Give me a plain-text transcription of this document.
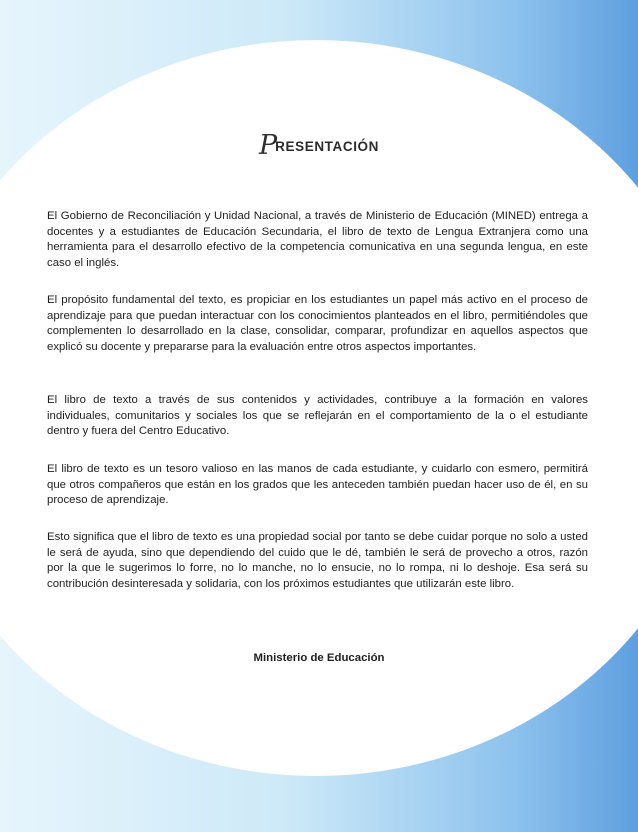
PRESENTACIÓN

El Gobierno de Reconciliación y Unidad Nacional, a través de Ministerio de Educación (MINED) entrega a docentes y a estudiantes de Educación Secundaria, el libro de texto de Lengua Extranjera como una herramienta para el desarrollo efectivo de la competencia comunicativa en una segunda lengua, en este caso el inglés.

El propósito fundamental del texto, es propiciar en los estudiantes un papel más activo en el proceso de aprendizaje para que puedan interactuar con los conocimientos planteados en el libro, permitiéndoles que complementen lo desarrollado en la clase, consolidar, comparar, profundizar en aquellos aspectos que explicó su docente y prepararse para la evaluación entre otros aspectos importantes.

El libro de texto a través de sus contenidos y actividades, contribuye a la formación en valores individuales, comunitarios y sociales los que se reflejarán en el comportamiento de la o el estudiante dentro y fuera del Centro Educativo.

El libro de texto es un tesoro valioso en las manos de cada estudiante, y cuidarlo con esmero, permitirá que otros compañeros que están en los grados que les anteceden también puedan hacer uso de él, en su proceso de aprendizaje.

Esto significa que el libro de texto es una propiedad social por tanto se debe cuidar porque no solo a usted le será de ayuda, sino que dependiendo del cuido que le dé, también le será de provecho a otros, razón por la que le sugerimos lo forre, no lo manche, no lo ensucie, no lo rompa, ni lo deshoje. Esa será su contribución desinteresada y solidaria, con los próximos estudiantes que utilizarán este libro.

Ministerio de Educación
